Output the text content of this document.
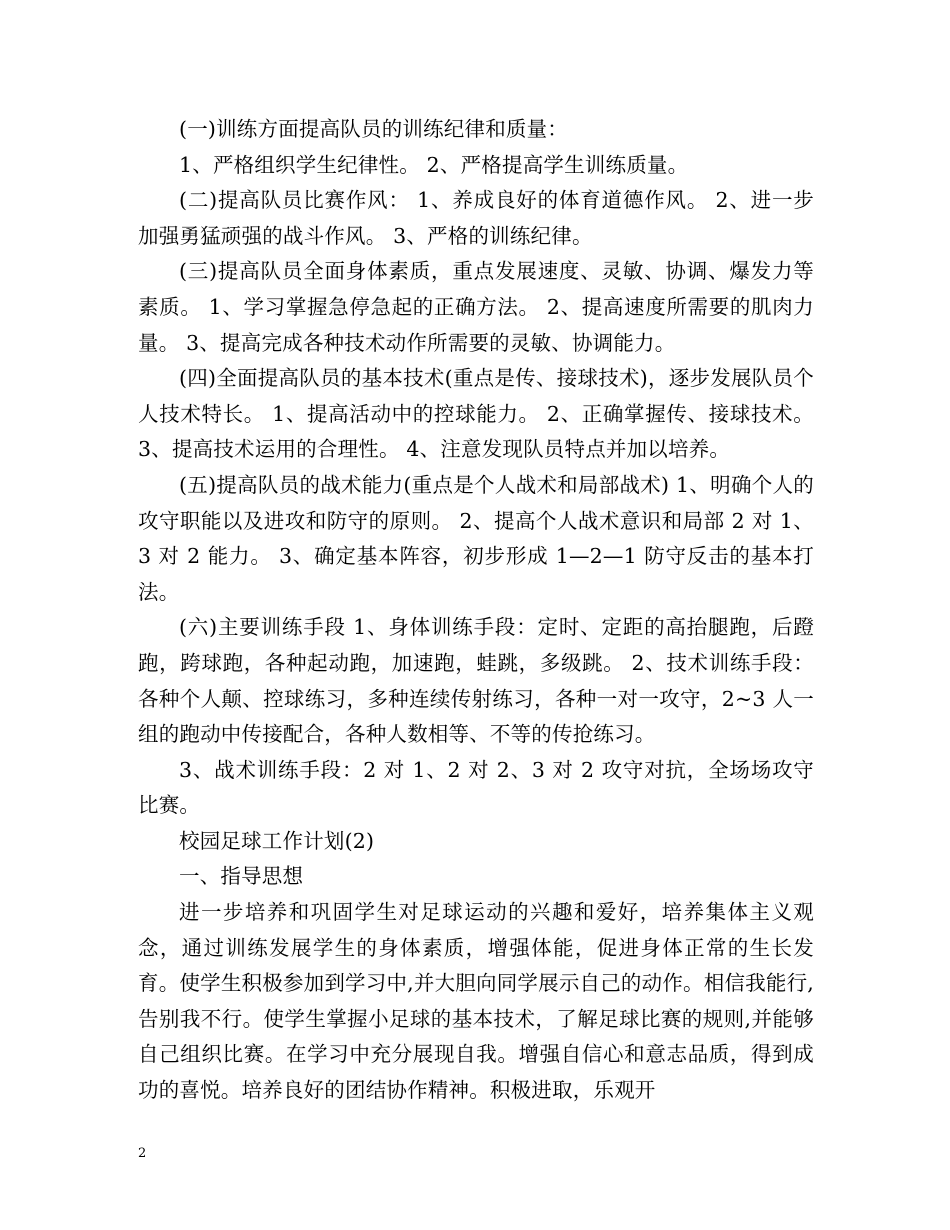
(一)训练方面提高队员的训练纪律和质量：

1、严格组织学生纪律性。 2、严格提高学生训练质量。

(二)提高队员比赛作风： 1、养成良好的体育道德作风。 2、进一步加强勇猛顽强的战斗作风。 3、严格的训练纪律。

(三)提高队员全面身体素质，重点发展速度、灵敏、协调、爆发力等素质。 1、学习掌握急停急起的正确方法。 2、提高速度所需要的肌肉力量。 3、提高完成各种技术动作所需要的灵敏、协调能力。

(四)全面提高队员的基本技术(重点是传、接球技术)，逐步发展队员个人技术特长。 1、提高活动中的控球能力。 2、正确掌握传、接球技术。 3、提高技术运用的合理性。 4、注意发现队员特点并加以培养。

(五)提高队员的战术能力(重点是个人战术和局部战术) 1、明确个人的攻守职能以及进攻和防守的原则。 2、提高个人战术意识和局部 2 对 1、3 对 2 能力。 3、确定基本阵容，初步形成 1—2—1 防守反击的基本打法。

(六)主要训练手段 1、身体训练手段：定时、定距的高抬腿跑，后蹬跑，跨球跑，各种起动跑，加速跑，蛙跳，多级跳。 2、技术训练手段：各种个人颠、控球练习，多种连续传射练习，各种一对一攻守，2~3 人一组的跑动中传接配合，各种人数相等、不等的传抢练习。

3、战术训练手段：2 对 1、2 对 2、3 对 2 攻守对抗，全场场攻守比赛。

校园足球工作计划(2)

一、指导思想

进一步培养和巩固学生对足球运动的兴趣和爱好，培养集体主义观念，通过训练发展学生的身体素质，增强体能，促进身体正常的生长发育。使学生积极参加到学习中,并大胆向同学展示自己的动作。相信我能行,告别我不行。使学生掌握小足球的基本技术，了解足球比赛的规则,并能够自己组织比赛。在学习中充分展现自我。增强自信心和意志品质，得到成功的喜悦。培养良好的团结协作精神。积极进取，乐观开

2
